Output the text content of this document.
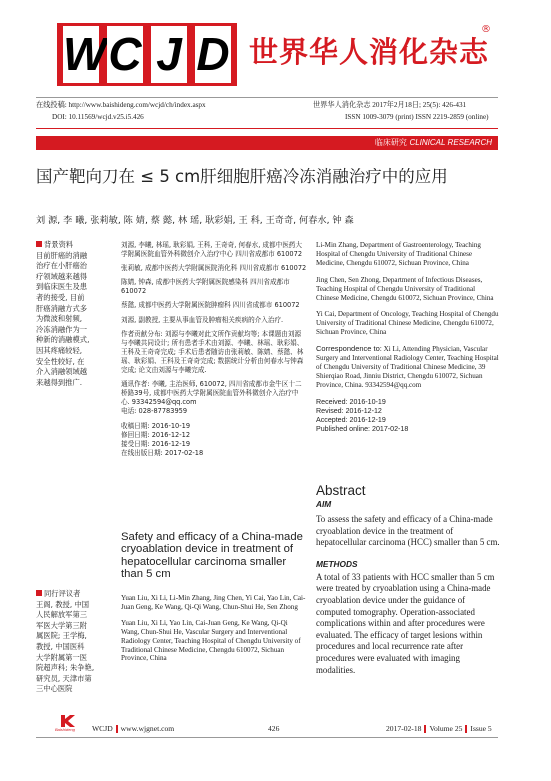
W C J D 世界华人消化杂志
®
在线投稿: http://www.baishideng.com/wcjd/ch/index.aspx
DOI: 10.11569/wcjd.v25.i5.426
世界华人消化杂志 2017年2月18日; 25(5): 426-431
ISSN 1009-3079 (print) ISSN 2219-2859 (online)
临床研究 CLINICAL RESEARCH
国产靶向刀在 ≤ 5 cm肝细胞肝癌冷冻消融治疗中的应用
刘 源, 李 曦, 张莉敏, 陈 婧, 蔡 懿, 林 瑶, 耿彩娟, 王 科, 王奇奇, 何春水, 钟 森
背景资料
目前肝癌的消融
治疗在小肝癌治
疗领域越来越得
到临床医生及患
者的接受, 目前
肝癌消融方式多
为微波和射频,
冷冻消融作为一
种新的消融模式,
因其疼痛较轻,
安全性较好, 在
介入消融领域越
来越得到推广.
同行评议者
王阁, 教授, 中国
人民解放军第三
军医大学第三附
属医院; 王学梅,
教授, 中国医科
大学附属第一医
院超声科; 朱争艳,
研究员, 天津市第
三中心医院

刘源, 李曦, 林瑶, 耿彩娟, 王科, 王奇奇, 何春水, 成都中医药大学附属医院血管外科微创介入治疗中心 四川省成都市 610072

张莉敏, 成都中医药大学附属医院消化科 四川省成都市 610072

陈婧, 钟森, 成都中医药大学附属医院感染科 四川省成都市 610072

蔡懿, 成都中医药大学附属医院肿瘤科 四川省成都市 610072

刘源, 副教授, 主要从事血管及肿瘤相关疾病的介入治疗.

作者贡献分布: 刘源与李曦对此文所作贡献均等; 本课题由刘源与李曦共同设计; 所有患者手术由刘源、李曦、林瑶、耿彩娟、王科及王奇奇完成; 手术后患者随访由张莉敏、陈婧、蔡懿、林瑶、耿彩娟、王科及王奇奇完成; 数据统计分析由何春水与钟森完成; 论文由刘源与李曦完成.

通讯作者: 李曦, 主治医师, 610072, 四川省成都市金牛区十二桥路39号, 成都中医药大学附属医院血管外科微创介入治疗中心. 93342594@qq.com

电话: 028-87783959

收稿日期: 2016-10-19
修回日期: 2016-12-12
接受日期: 2016-12-19
在线出版日期: 2017-02-18
Safety and efficacy of a China-made cryoablation device in treatment of hepatocellular carcinoma smaller than 5 cm

Yuan Liu, Xi Li, Li-Min Zhang, Jing Chen, Yi Cai, Yao Lin, Cai-Juan Geng, Ke Wang, Qi-Qi Wang, Chun-Shui He, Sen Zhong

Yuan Liu, Xi Li, Yao Lin, Cai-Juan Geng, Ke Wang, Qi-Qi Wang, Chun-Shui He, Vascular Surgery and Interventional Radiology Center, Teaching Hospital of Chengdu University of Traditional Chinese Medicine, Chengdu 610072, Sichuan Province, China

Li-Min Zhang, Department of Gastroenterology, Teaching Hospital of Chengdu University of Traditional Chinese Medicine, Chengdu 610072, Sichuan Province, China

Jing Chen, Sen Zhong, Department of Infectious Diseases, Teaching Hospital of Chengdu University of Traditional Chinese Medicine, Chengdu 610072, Sichuan Province, China

Yi Cai, Department of Oncology, Teaching Hospital of Chengdu University of Traditional Chinese Medicine, Chengdu 610072, Sichuan Province, China

Correspondence to: Xi Li, Attending Physician, Vascular Surgery and Interventional Radiology Center, Teaching Hospital of Chengdu University of Traditional Chinese Medicine, 39 Shierqiao Road, Jinniu District, Chengdu 610072, Sichuan Province, China. 93342594@qq.com

Received: 2016-10-19
Revised: 2016-12-12
Accepted: 2016-12-19
Published online: 2017-02-18
Abstract
AIM
To assess the safety and efficacy of a China-made cryoablation device in the treatment of hepatocellular carcinoma (HCC) smaller than 5 cm.
METHODS
A total of 33 patients with HCC smaller than 5 cm were treated by cryoablation using a China-made cryoablation device under the guidance of computed tomography. Operation-associated complications within and after procedures were evaluated. The efficacy of target lesions within procedures and local recurrence rate after procedures were evaluated with imaging modalities.
Baishideng WCJD www.wjgnet.com	426	2017-02-18 Volume 25 Issue 5
